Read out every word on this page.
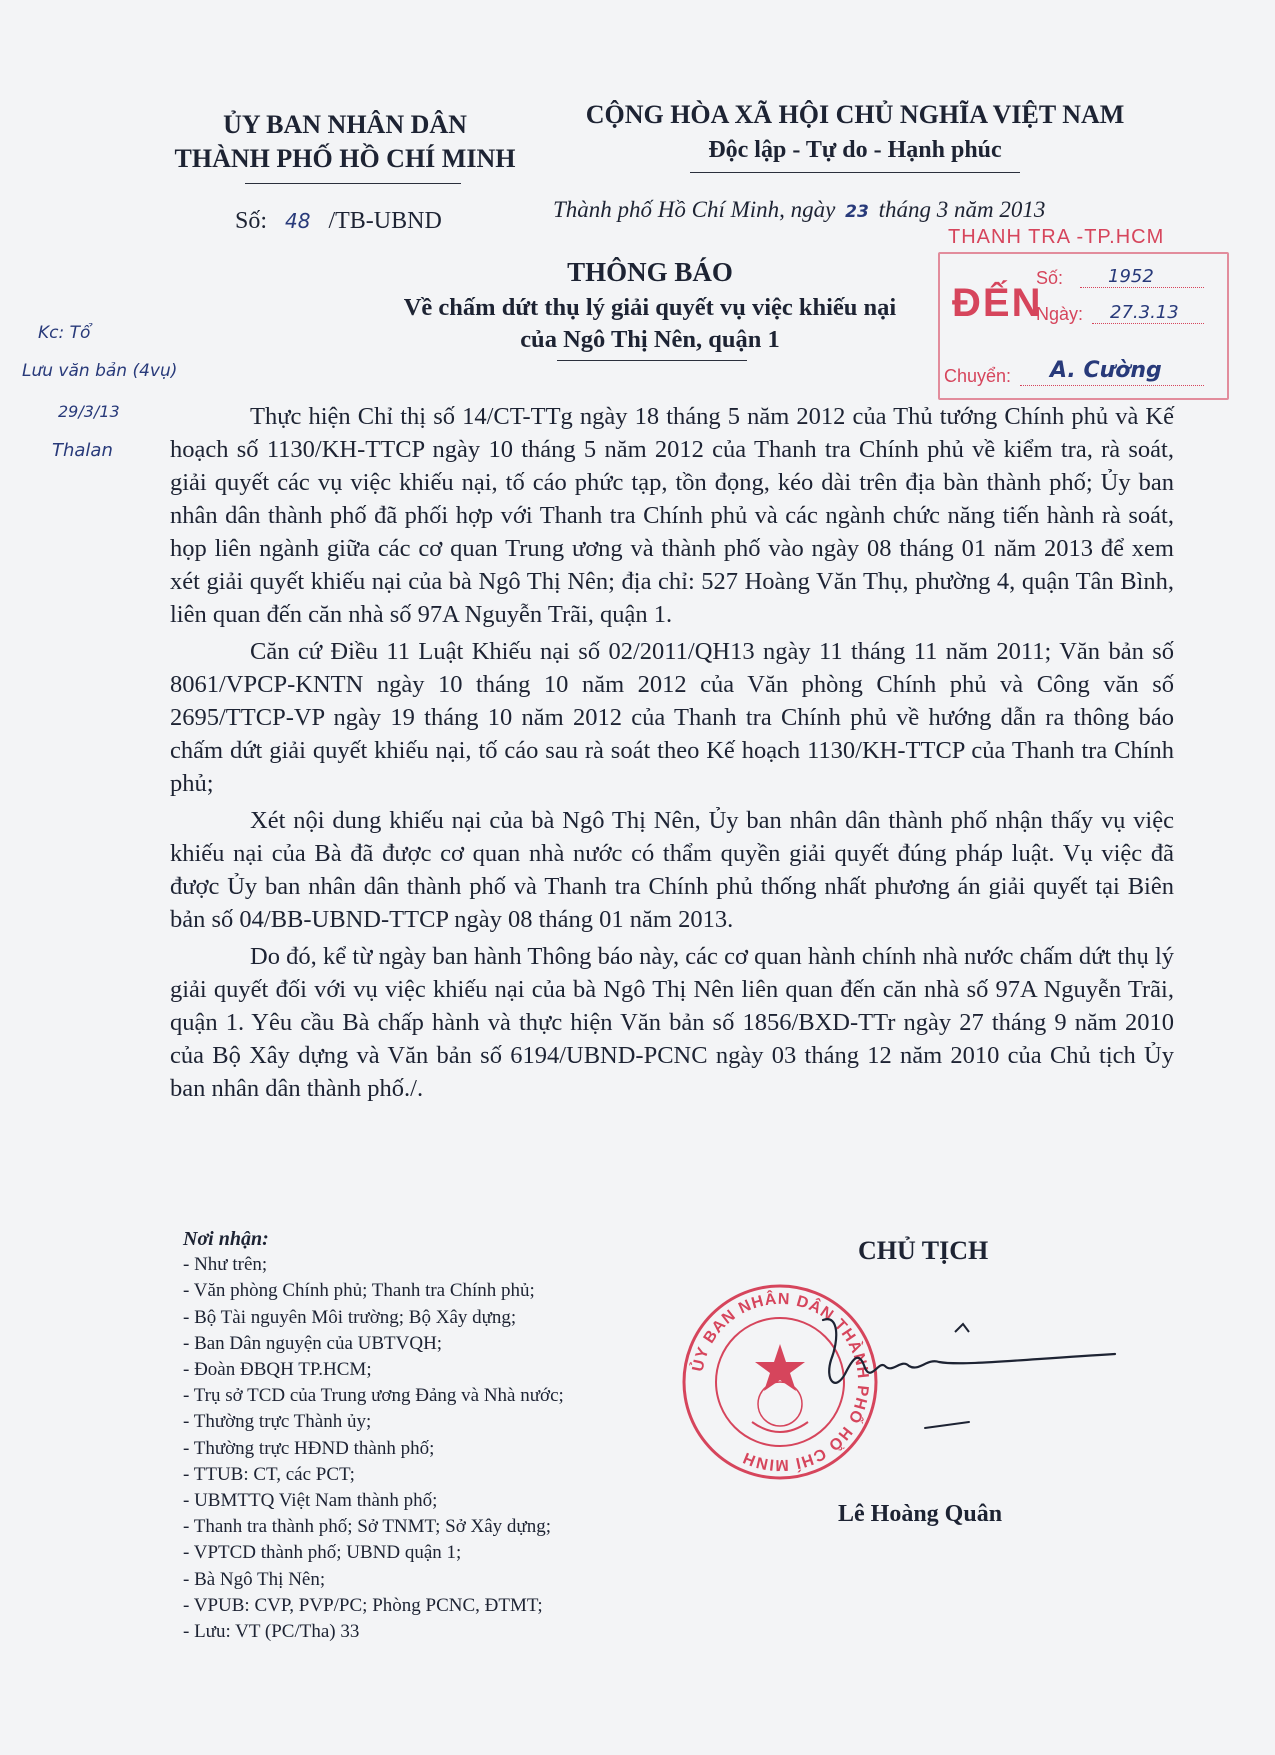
ỦY BAN NHÂN DÂN
THÀNH PHỐ HỒ CHÍ MINH
CỘNG HÒA XÃ HỘI CHỦ NGHĨA VIỆT NAM
Độc lập - Tự do - Hạnh phúc
Số: 48 /TB-UBND	Thành phố Hồ Chí Minh, ngày 23 tháng 3 năm 2013
THANH TRA -TP.HCM
ĐẾN
Số: 1952
Ngày: 27.3.13
Chuyển: A. Cường
THÔNG BÁO
Về chấm dứt thụ lý giải quyết vụ việc khiếu nại
của Ngô Thị Nên, quận 1
Kc: Tổ
Lưu văn bản (4vụ)
29/3/13
Thalan

Thực hiện Chỉ thị số 14/CT-TTg ngày 18 tháng 5 năm 2012 của Thủ tướng Chính phủ và Kế hoạch số 1130/KH-TTCP ngày 10 tháng 5 năm 2012 của Thanh tra Chính phủ về kiểm tra, rà soát, giải quyết các vụ việc khiếu nại, tố cáo phức tạp, tồn đọng, kéo dài trên địa bàn thành phố; Ủy ban nhân dân thành phố đã phối hợp với Thanh tra Chính phủ và các ngành chức năng tiến hành rà soát, họp liên ngành giữa các cơ quan Trung ương và thành phố vào ngày 08 tháng 01 năm 2013 để xem xét giải quyết khiếu nại của bà Ngô Thị Nên; địa chỉ: 527 Hoàng Văn Thụ, phường 4, quận Tân Bình, liên quan đến căn nhà số 97A Nguyễn Trãi, quận 1.

Căn cứ Điều 11 Luật Khiếu nại số 02/2011/QH13 ngày 11 tháng 11 năm 2011; Văn bản số 8061/VPCP-KNTN ngày 10 tháng 10 năm 2012 của Văn phòng Chính phủ và Công văn số 2695/TTCP-VP ngày 19 tháng 10 năm 2012 của Thanh tra Chính phủ về hướng dẫn ra thông báo chấm dứt giải quyết khiếu nại, tố cáo sau rà soát theo Kế hoạch 1130/KH-TTCP của Thanh tra Chính phủ;

Xét nội dung khiếu nại của bà Ngô Thị Nên, Ủy ban nhân dân thành phố nhận thấy vụ việc khiếu nại của Bà đã được cơ quan nhà nước có thẩm quyền giải quyết đúng pháp luật. Vụ việc đã được Ủy ban nhân dân thành phố và Thanh tra Chính phủ thống nhất phương án giải quyết tại Biên bản số 04/BB-UBND-TTCP ngày 08 tháng 01 năm 2013.

Do đó, kể từ ngày ban hành Thông báo này, các cơ quan hành chính nhà nước chấm dứt thụ lý giải quyết đối với vụ việc khiếu nại của bà Ngô Thị Nên liên quan đến căn nhà số 97A Nguyễn Trãi, quận 1. Yêu cầu Bà chấp hành và thực hiện Văn bản số 1856/BXD-TTr ngày 27 tháng 9 năm 2010 của Bộ Xây dựng và Văn bản số 6194/UBND-PCNC ngày 03 tháng 12 năm 2010 của Chủ tịch Ủy ban nhân dân thành phố./.

Nơi nhận:
- Như trên;
- Văn phòng Chính phủ; Thanh tra Chính phủ;
- Bộ Tài nguyên Môi trường; Bộ Xây dựng;
- Ban Dân nguyện của UBTVQH;
- Đoàn ĐBQH TP.HCM;
- Trụ sở TCD của Trung ương Đảng và Nhà nước;
- Thường trực Thành ủy;
- Thường trực HĐND thành phố;
- TTUB: CT, các PCT;
- UBMTTQ Việt Nam thành phố;
- Thanh tra thành phố; Sở TNMT; Sở Xây dựng;
- VPTCD thành phố; UBND quận 1;
- Bà Ngô Thị Nên;
- VPUB: CVP, PVP/PC; Phòng PCNC, ĐTMT;
- Lưu: VT (PC/Tha) 33
CHỦ TỊCH
ỦY BAN NHÂN DÂN THÀNH PHỐ HỒ CHÍ MINH
Lê Hoàng Quân
